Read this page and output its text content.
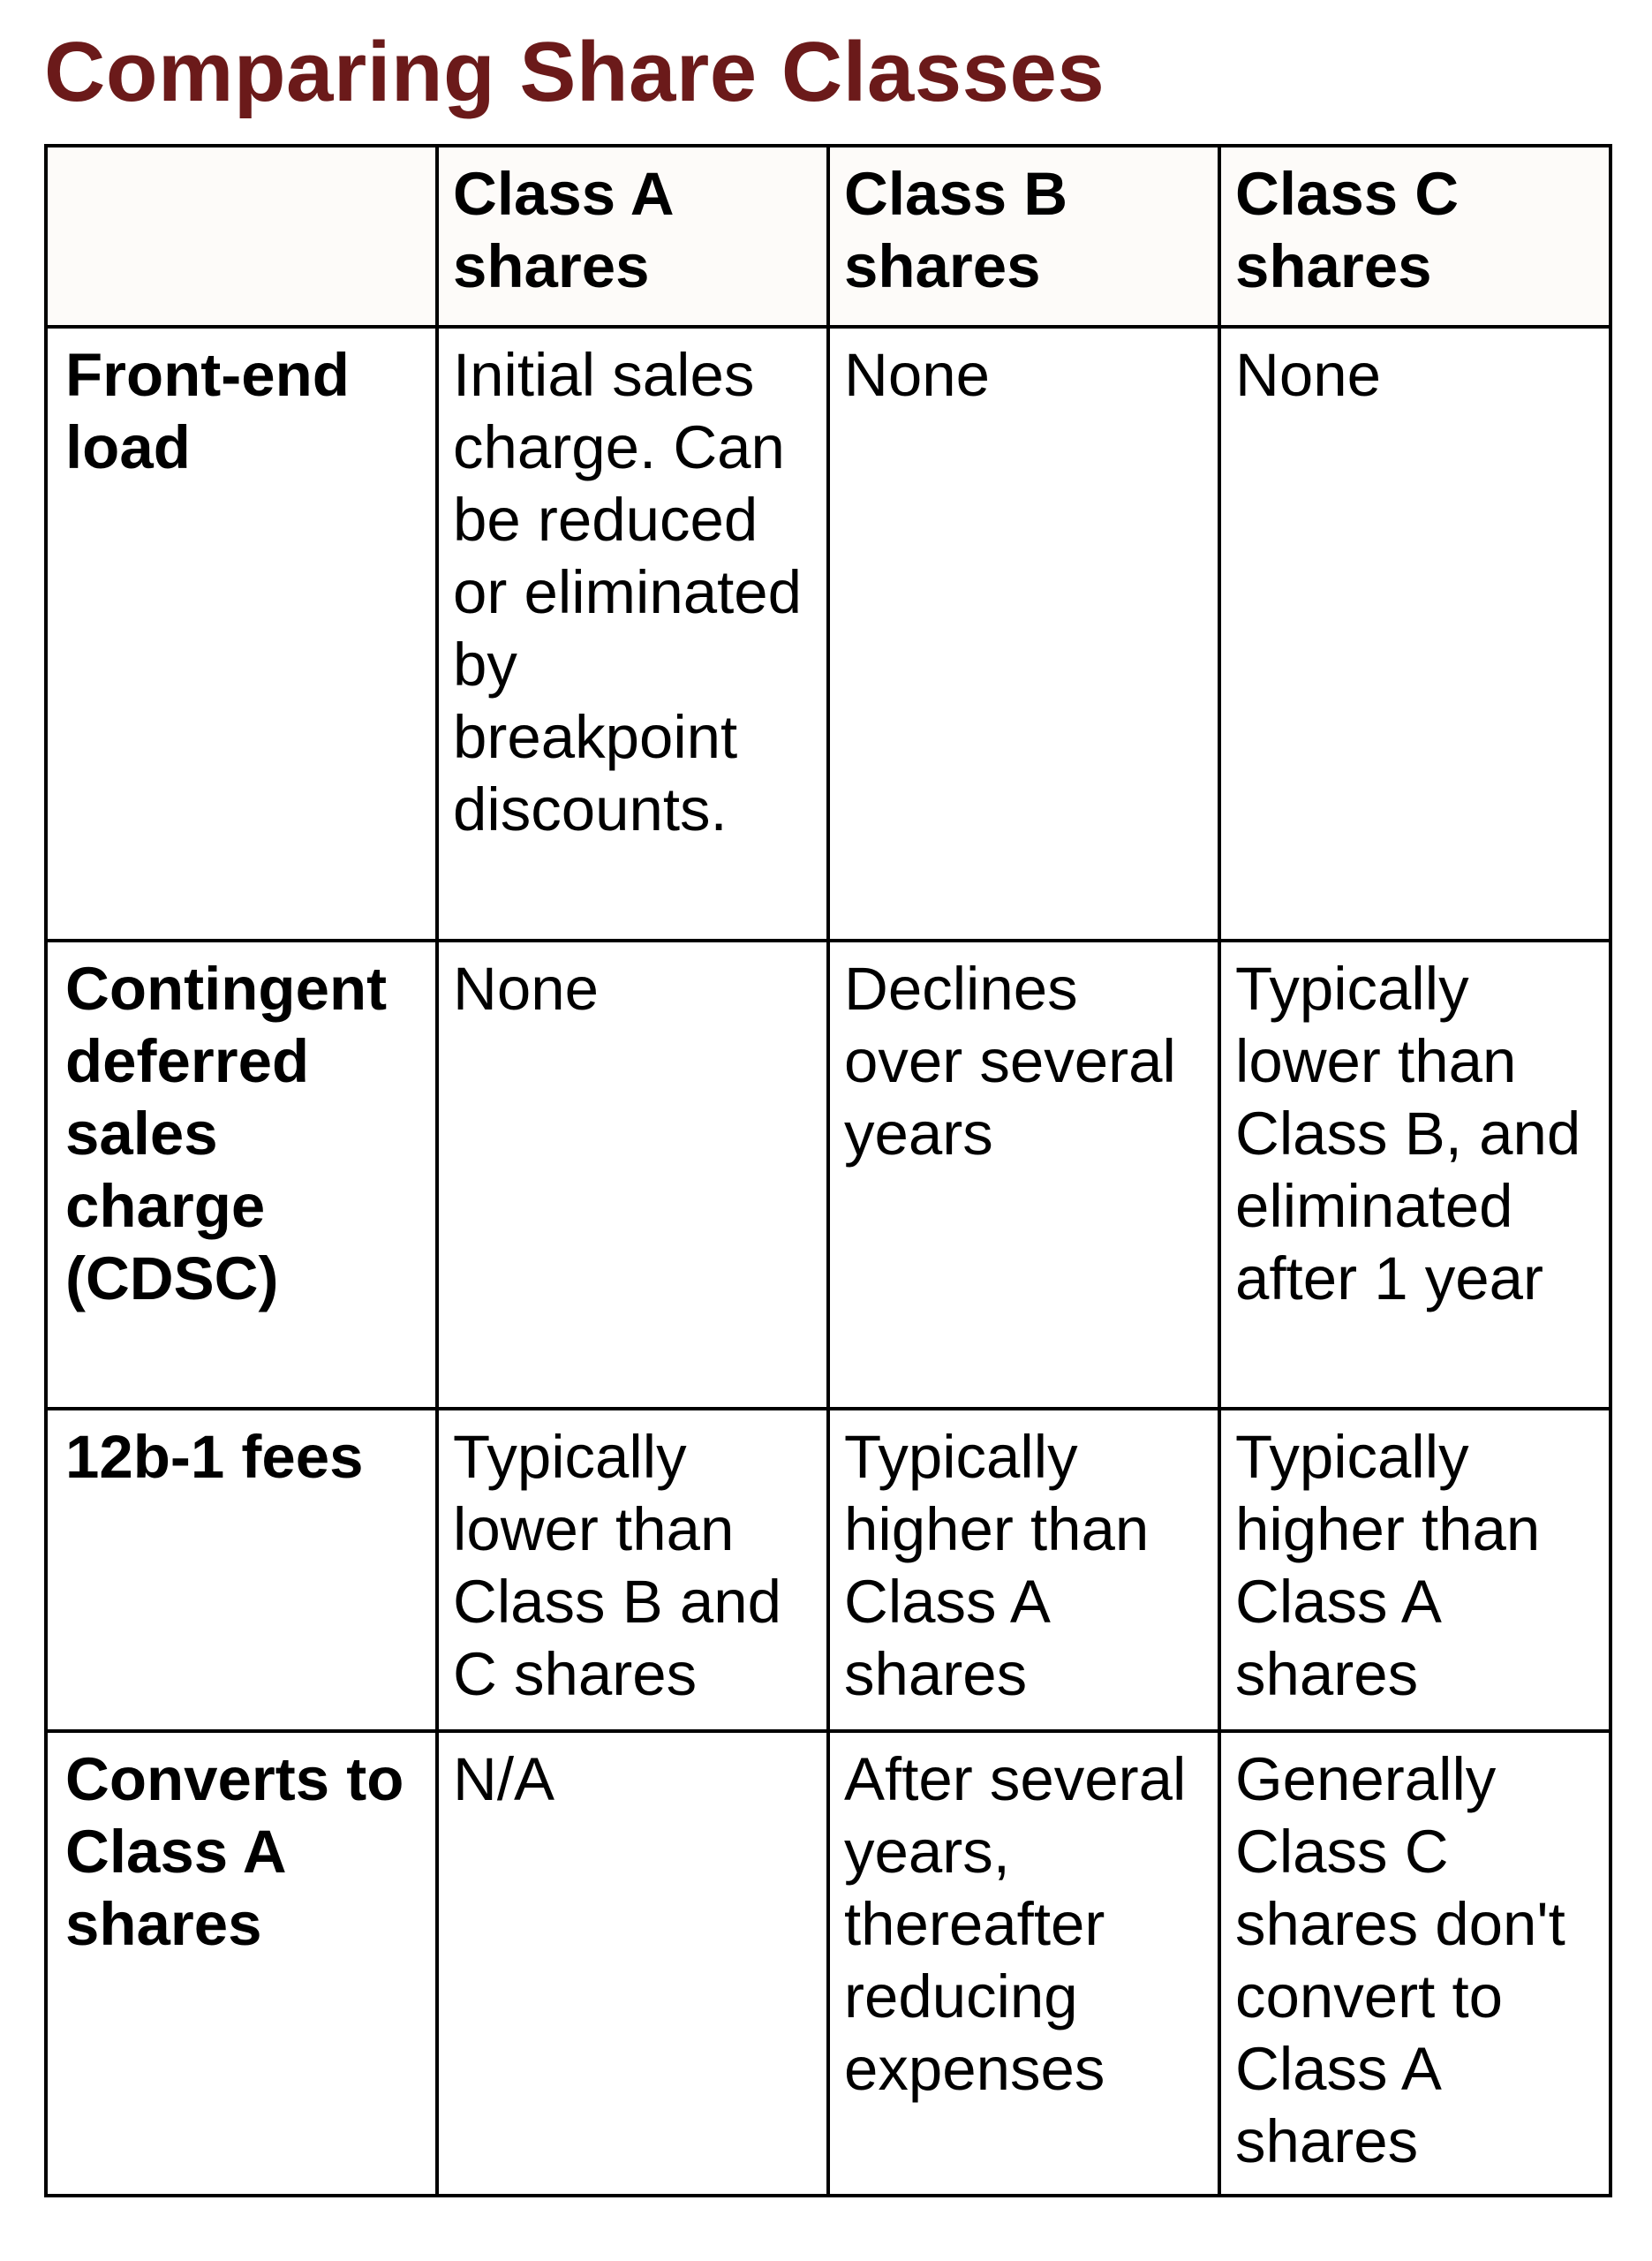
Comparing Share Classes
	Class A shares	Class B shares	Class C shares
Front-end load	Initial sales charge. Can be reduced or eliminated by breakpoint discounts.	None	None
Contingent deferred sales charge (CDSC)	None	Declines over several years	Typically lower than Class B, and eliminated after 1 year
12b-1 fees	Typically lower than Class B and C shares	Typically higher than Class A shares	Typically higher than Class A shares
Converts to Class A shares	N/A	After several years, thereafter reducing expenses	Generally Class C shares don't convert to Class A shares
